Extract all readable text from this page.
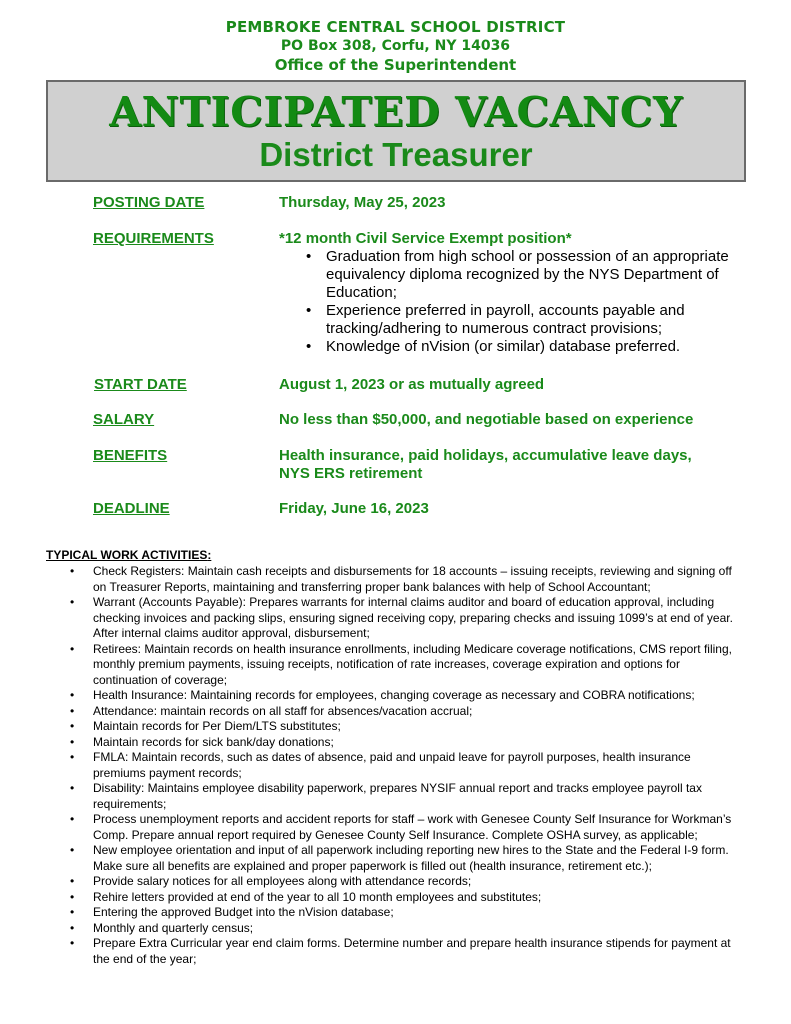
PEMBROKE CENTRAL SCHOOL DISTRICT
PO Box 308, Corfu, NY 14036
Office of the Superintendent
ANTICIPATED VACANCY
District Treasurer
POSTING DATE	Thursday, May 25, 2023
REQUIREMENTS	*12 month Civil Service Exempt position*
• Graduation from high school or possession of an appropriate equivalency diploma recognized by the NYS Department of Education;
• Experience preferred in payroll, accounts payable and tracking/adhering to numerous contract provisions;
• Knowledge of nVision (or similar) database preferred.
START DATE	August 1, 2023 or as mutually agreed
SALARY	No less than $50,000, and negotiable based on experience
BENEFITS	Health insurance, paid holidays, accumulative leave days,
NYS ERS retirement
DEADLINE	Friday, June 16, 2023
TYPICAL WORK ACTIVITIES:
• Check Registers: Maintain cash receipts and disbursements for 18 accounts – issuing receipts, reviewing and signing off on Treasurer Reports, maintaining and transferring proper bank balances with help of School Accountant;
• Warrant (Accounts Payable): Prepares warrants for internal claims auditor and board of education approval, including checking invoices and packing slips, ensuring signed receiving copy, preparing checks and issuing 1099’s at end of year. After internal claims auditor approval, disbursement;
• Retirees: Maintain records on health insurance enrollments, including Medicare coverage notifications, CMS report filing, monthly premium payments, issuing receipts, notification of rate increases, coverage expiration and options for continuation of coverage;
• Health Insurance: Maintaining records for employees, changing coverage as necessary and COBRA notifications;
• Attendance: maintain records on all staff for absences/vacation accrual;
• Maintain records for Per Diem/LTS substitutes;
• Maintain records for sick bank/day donations;
• FMLA: Maintain records, such as dates of absence, paid and unpaid leave for payroll purposes, health insurance premiums payment records;
• Disability: Maintains employee disability paperwork, prepares NYSIF annual report and tracks employee payroll tax requirements;
• Process unemployment reports and accident reports for staff – work with Genesee County Self Insurance for Workman’s Comp. Prepare annual report required by Genesee County Self Insurance. Complete OSHA survey, as applicable;
• New employee orientation and input of all paperwork including reporting new hires to the State and the Federal I-9 form. Make sure all benefits are explained and proper paperwork is filled out (health insurance, retirement etc.);
• Provide salary notices for all employees along with attendance records;
• Rehire letters provided at end of the year to all 10 month employees and substitutes;
• Entering the approved Budget into the nVision database;
• Monthly and quarterly census;
• Prepare Extra Curricular year end claim forms. Determine number and prepare health insurance stipends for payment at the end of the year;
